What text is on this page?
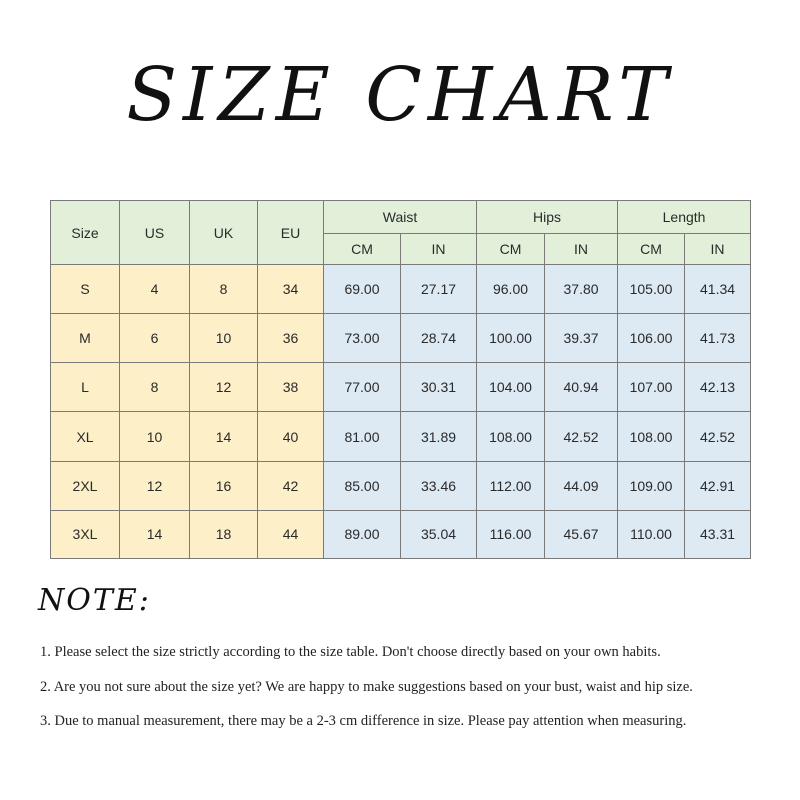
SIZE CHART
Size	US	UK	EU	Waist		Hips		Length	
				CM	IN	CM	IN	CM	IN
S	4	8	34	69.00	27.17	96.00	37.80	105.00	41.34
M	6	10	36	73.00	28.74	100.00	39.37	106.00	41.73
L	8	12	38	77.00	30.31	104.00	40.94	107.00	42.13
XL	10	14	40	81.00	31.89	108.00	42.52	108.00	42.52
2XL	12	16	42	85.00	33.46	112.00	44.09	109.00	42.91
3XL	14	18	44	89.00	35.04	116.00	45.67	110.00	43.31
NOTE:
1. Please select the size strictly according to the size table. Don't choose directly based on your own habits.
2. Are you not sure about the size yet? We are happy to make suggestions based on your bust, waist and hip size.
3. Due to manual measurement, there may be a 2-3 cm difference in size. Please pay attention when measuring.
